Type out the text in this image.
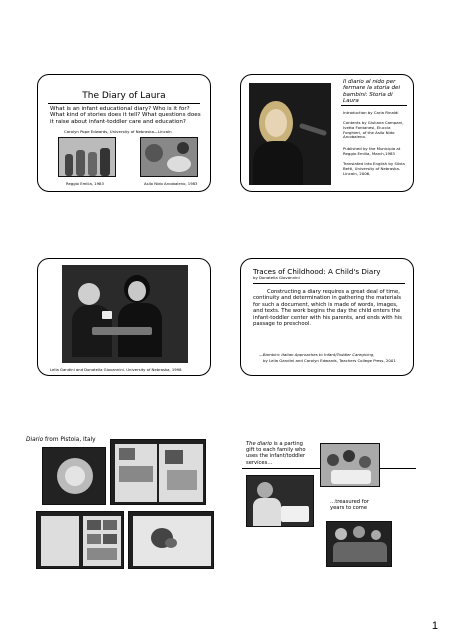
The Diary of Laura
What is an infant educational diary? Who is it for? What kind of stories does it tell? What questions does it raise about infant-toddler care and education?
Carolyn Pope Edwards, University of Nebraska—Lincoln
Reggio Emilia, 1983	Asilo Nido Arcobaleno, 1983
Il diario al nido per fermare la storia dei bambini: Storia di Laura
Introduction by Carla Rinaldi
Contents by Giuliana Campani, Ivetta Fontanesi, Eluccia Forghieri, of the Asilo Nido Arcobaleno.
Published by the Municipio at Reggio Emilia, March,1983
Translated into English by Silvia Betti, University of Nebraska-Lincoln, 2006.
Lella Gandini and Donatella Giovannini. University of Nebraska, 1998
Traces of Childhood: A Child's Diary
by Donatella Giovannini
Constructing a diary requires a great deal of time, continuity and determination in gathering the materials for such a document, which is made of words, images, and texts. The work begins the day the child enters the infant-toddler center with his parents, and ends with his passage to preschool.
—Bambini: Italian Approaches to Infant/Toddler Caregiving,
by Lella Gandini and Carolyn Edwards, Teachers College Press, 2001
Diario from Pistoia, Italy
The diario is a parting gift to each family who uses the infant/toddler services…
…treasured for years to come
1
